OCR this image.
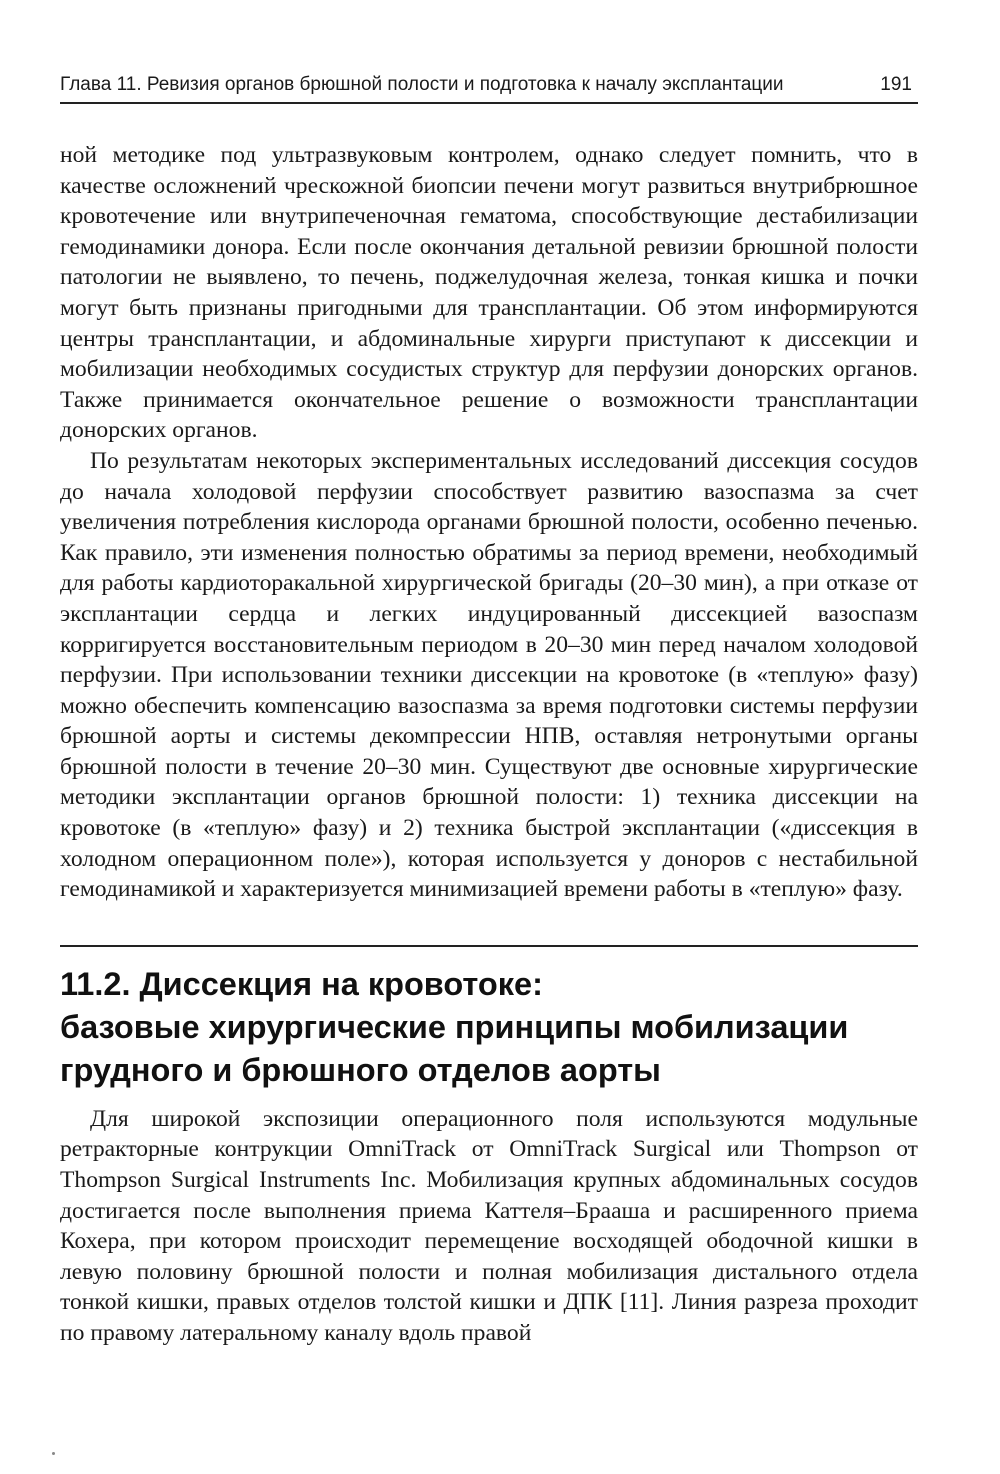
Глава 11. Ревизия органов брюшной полости и подготовка к началу эксплантации	191

ной методике под ультразвуковым контролем, однако следует помнить, что в качестве осложнений чрескожной биопсии печени могут развиться внутрибрюшное кровотечение или внутрипеченочная гематома, способствующие дестабилизации гемодинамики донора. Если после окончания детальной ревизии брюшной полости патологии не выявлено, то печень, поджелудочная железа, тонкая кишка и почки могут быть признаны пригодными для трансплантации. Об этом информируются центры трансплантации, и абдоминальные хирурги приступают к диссекции и мобилизации необходимых сосудистых структур для перфузии донорских органов. Также принимается окончательное решение о возможности трансплантации донорских органов.

По результатам некоторых экспериментальных исследований диссекция сосудов до начала холодовой перфузии способствует развитию вазоспазма за счет увеличения потребления кислорода органами брюшной полости, особенно печенью. Как правило, эти изменения полностью обратимы за период времени, необходимый для работы кардиоторакальной хирургической бригады (20–30 мин), а при отказе от эксплантации сердца и легких индуцированный диссекцией вазоспазм корригируется восстановительным периодом в 20–30 мин перед началом холодовой перфузии. При использовании техники диссекции на кровотоке (в «теплую» фазу) можно обеспечить компенсацию вазоспазма за время подготовки системы перфузии брюшной аорты и системы декомпрессии НПВ, оставляя нетронутыми органы брюшной полости в течение 20–30 мин. Существуют две основные хирургические методики эксплантации органов брюшной полости: 1) техника диссекции на кровотоке (в «теплую» фазу) и 2) техника быстрой эксплантации («диссекция в холодном операционном поле»), которая используется у доноров с нестабильной гемодинамикой и характеризуется минимизацией времени работы в «теплую» фазу.

11.2. Диссекция на кровотоке:
базовые хирургические принципы мобилизации
грудного и брюшного отделов аорты

Для широкой экспозиции операционного поля используются модульные ретракторные контрукции OmniTrack от OmniTrack Surgical или Thompson от Thompson Surgical Instruments Inc. Мобилизация крупных абдоминальных сосудов достигается после выполнения приема Каттеля–Брааша и расширенного приема Кохера, при котором происходит перемещение восходящей ободочной кишки в левую половину брюшной полости и полная мобилизация дистального отдела тонкой кишки, правых отделов толстой кишки и ДПК [11]. Линия разреза проходит по правому латеральному каналу вдоль правой
